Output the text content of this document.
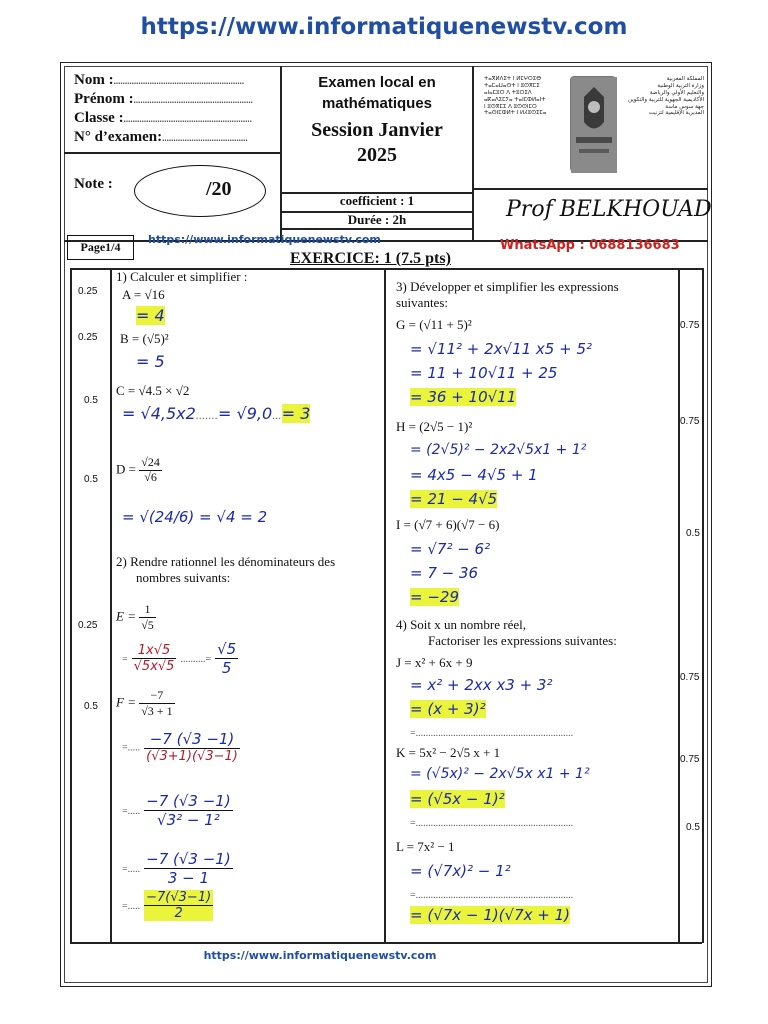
https://www.informatiquenewstv.com
Nom :..........................................................
Prénom :.....................................................
Classe :.........................................................
N° d’examen:......................................
Note :	/20
Examen local en
mathématiques
Session Janvier
2025
coefficient : 1
Durée : 2h
ⵜⴰⴳⵍⴷⵉⵜ ⵏ ⵍⵎⵖⵔⵉⴱ
ⵜⴰⵎⴰⵡⴰⵙⵜ ⵏ ⵓⵙⴳⵎⵉ
ⴰⵏⴰⵎⵓⵔ ⴷ ⵜⵓⵔⵉⴷ
ⴰⴽⴰⴷⵉⵎⵢⴰ ⵜⴰⵏⵎⵀⵍⴰⵏⵜ
ⵏ ⵓⵙⴳⵎⵉ ⴷ ⵓⵙⵙⵏⵎⵔ
ⵜⴰⵙⵏⵎⵀⵍⵜ ⵏ ⵍⵃⵓⵙⵉⵎⴰ
المملكة المغربية
وزارة التربية الوطنية
والتعليم الأولي والرياضة
الأكاديمية الجهوية للتربية والتكوين
جهة سوس ماسة
المديرية الإقليمية لتزنيت
Prof BELKHOUAD
Page1/4
https://www.informatiquenewstv.com	WhatsApp : 0688136683
EXERCICE: 1 (7.5 pts)
0.25
0.25
0.5
0.5
0.25
0.5
0.75
0.75
0.5
0.75
0.75
0.5
1) Calculer et simplifier :
A = √16
= 4
B = (√5)²
= 5
C = √4.5 × √2
= √4,5x2.......= √9,0...= 3
$D = \frac{√24}{√6}$
= √(24/6) = √4 = 2
2) Rendre rationnel les dénominateurs des
nombres suivants:
$E = \frac{1}{√5}$
= $\frac{1x√5}{√5x√5}$ ..........= $\frac{√5}{5}$
$F = \frac{-7}{√3 + 1}$
=..... $\frac{-7 (√3 -1)}{(√3+1)(√3-1)}$
=..... $\frac{-7 (√3 -1)}{\text{√3² − 1²}}$
=..... $\frac{-7 (√3 -1)}{3 - 1}$
=..... $\frac{-7(√3-1)}{2}$
3) Développer et simplifier les expressions
suivantes:
G = (√11 + 5)²
= √11² + 2x√11 x5 + 5²
= 11 + 10√11 + 25
= 36 + 10√11
H = (2√5 − 1)²
= (2√5)² − 2x2√5x1 + 1²
= 4x5 − 4√5 + 1
= 21 − 4√5
I = (√7 + 6)(√7 − 6)
= √7² − 6²
= 7 − 36
= −29
4) Soit x un nombre réel,
Factoriser les expressions suivantes:
J = x² + 6x + 9
= x² + 2xx x3 + 3²
= (x + 3)²
=...............................................................
K = 5x² − 2√5 x + 1
= (√5x)² − 2x√5x x1 + 1²
= (√5x − 1)²
=...............................................................
L = 7x² − 1
= (√7x)² − 1²
=...............................................................
= (√7x − 1)(√7x + 1)
https://www.informatiquenewstv.com
